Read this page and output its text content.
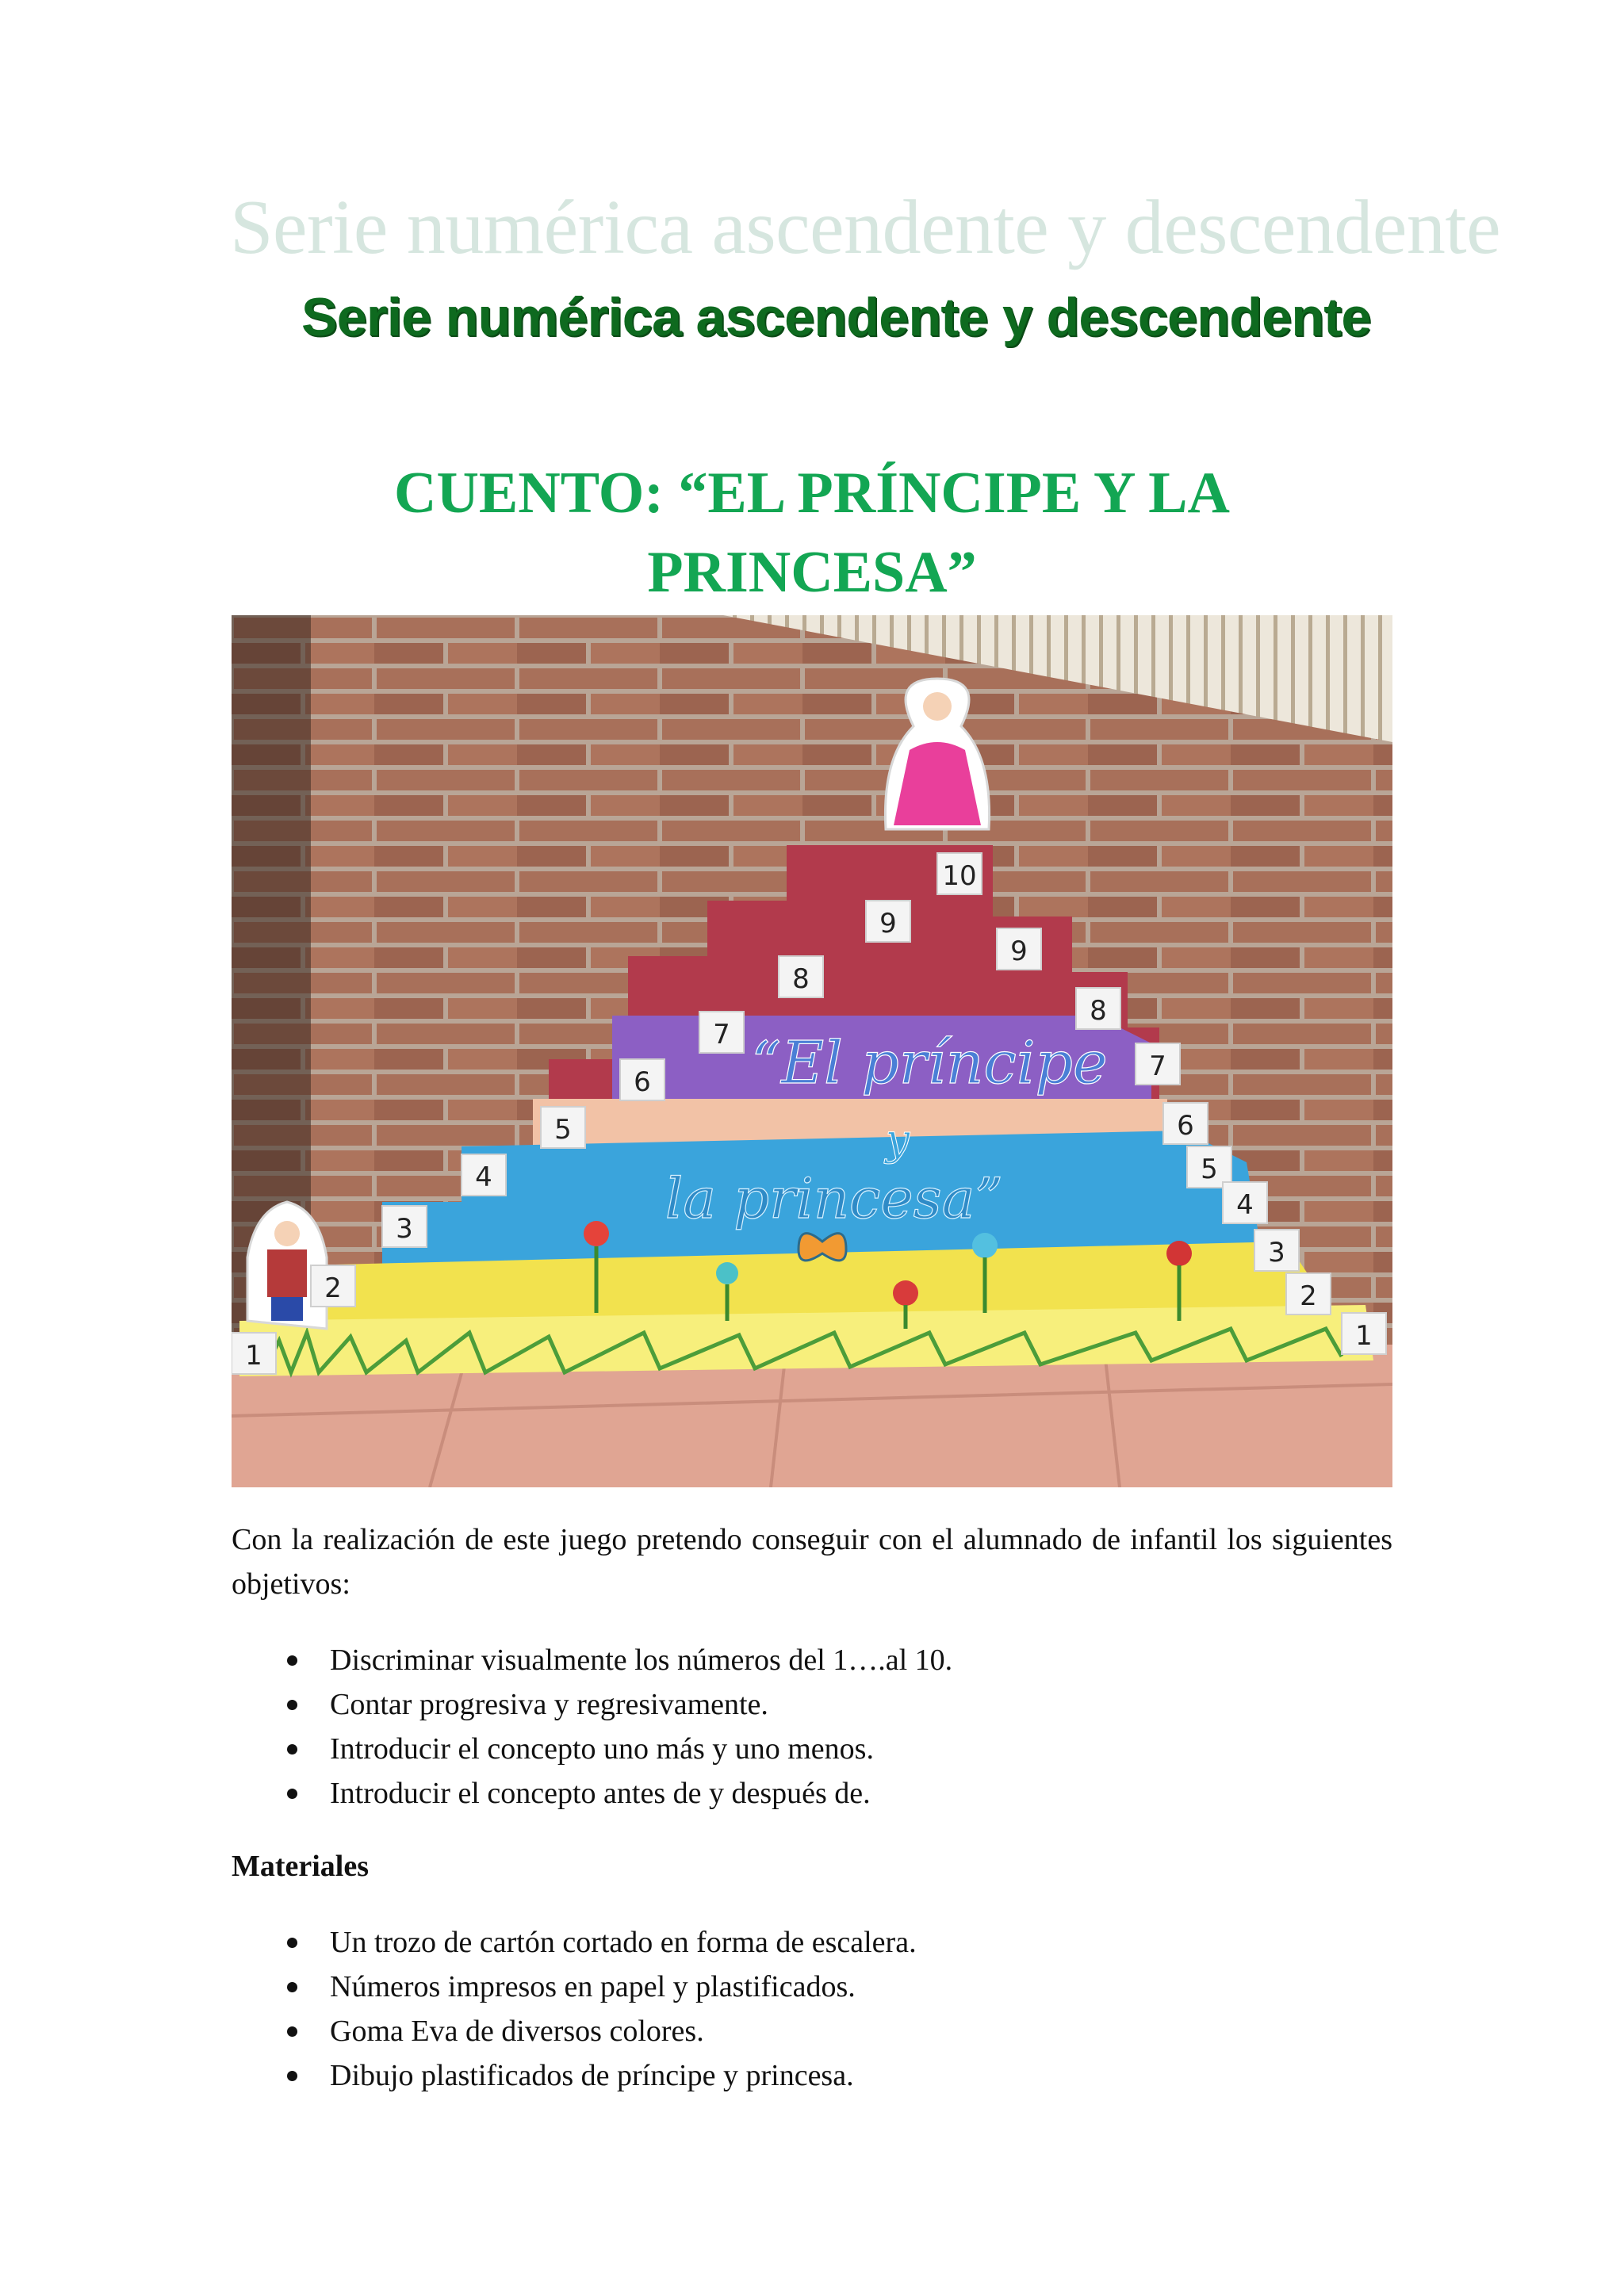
Serie numérica ascendente y descendente
Serie numérica ascendente y descendente
CUENTO: “EL PRÍNCIPE Y LA
PRINCESA”
1
2
3
4
5
6
7
8
9
10
9
8
7
6
5
4
3
2
1
“El príncipe
y
la princesa”
Con la realización de este juego pretendo conseguir con el alumnado de infantil los siguientes objetivos:
Discriminar visualmente los números del 1….al 10.
Contar progresiva y regresivamente.
Introducir el concepto uno más y uno menos.
Introducir el concepto antes de y después de.
Materiales
Un trozo de cartón cortado en forma de escalera.
Números impresos en papel y plastificados.
Goma Eva de diversos colores.
Dibujo plastificados de príncipe y princesa.
